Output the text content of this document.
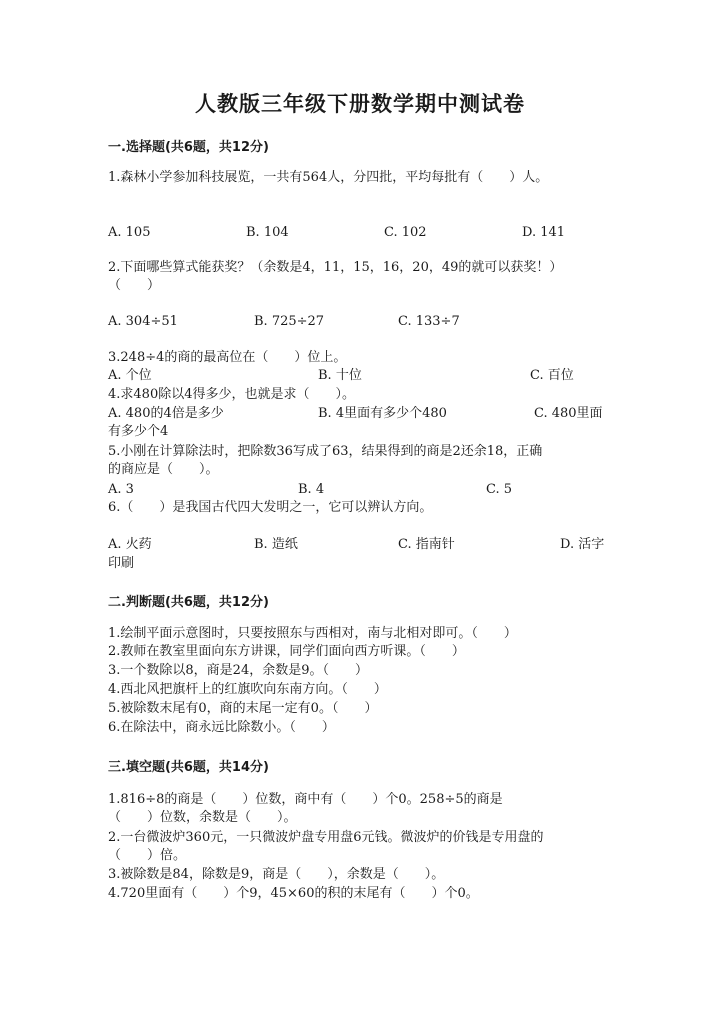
人教版三年级下册数学期中测试卷
一.选择题(共6题，共12分)
1.森林小学参加科技展览，一共有564人，分四批，平均每批有（　　）人。
A. 105	B. 104	C. 102	D. 141
2.下面哪些算式能获奖？（余数是4，11，15，16，20，49的就可以获奖！）
（　　）
A. 304÷51	B. 725÷27	C. 133÷7
3.248÷4的商的最高位在（　　）位上。
A. 个位	B. 十位	C. 百位
4.求480除以4得多少，也就是求（　　）。
A. 480的4倍是多少	B. 4里面有多少个480	C. 480里面
有多少个4
5.小刚在计算除法时，把除数36写成了63，结果得到的商是2还余18，正确
的商应是（　　）。
A. 3	B. 4	C. 5
6.（　　）是我国古代四大发明之一，它可以辨认方向。
A. 火药	B. 造纸	C. 指南针	D. 活字
印刷
二.判断题(共6题，共12分)
1.绘制平面示意图时，只要按照东与西相对，南与北相对即可。（　　）
2.教师在教室里面向东方讲课，同学们面向西方听课。（　　）
3.一个数除以8，商是24，余数是9。（　　）
4.西北风把旗杆上的红旗吹向东南方向。（　　）
5.被除数末尾有0，商的末尾一定有0。（　　）
6.在除法中，商永远比除数小。（　　）
三.填空题(共6题，共14分)
1.816÷8的商是（　　）位数，商中有（　　）个0。258÷5的商是
（　　）位数，余数是（　　）。
2.一台微波炉360元，一只微波炉盘专用盘6元钱。微波炉的价钱是专用盘的
（　　）倍。
3.被除数是84，除数是9，商是（　　），余数是（　　）。
4.720里面有（　　）个9，45×60的积的末尾有（　　）个0。
